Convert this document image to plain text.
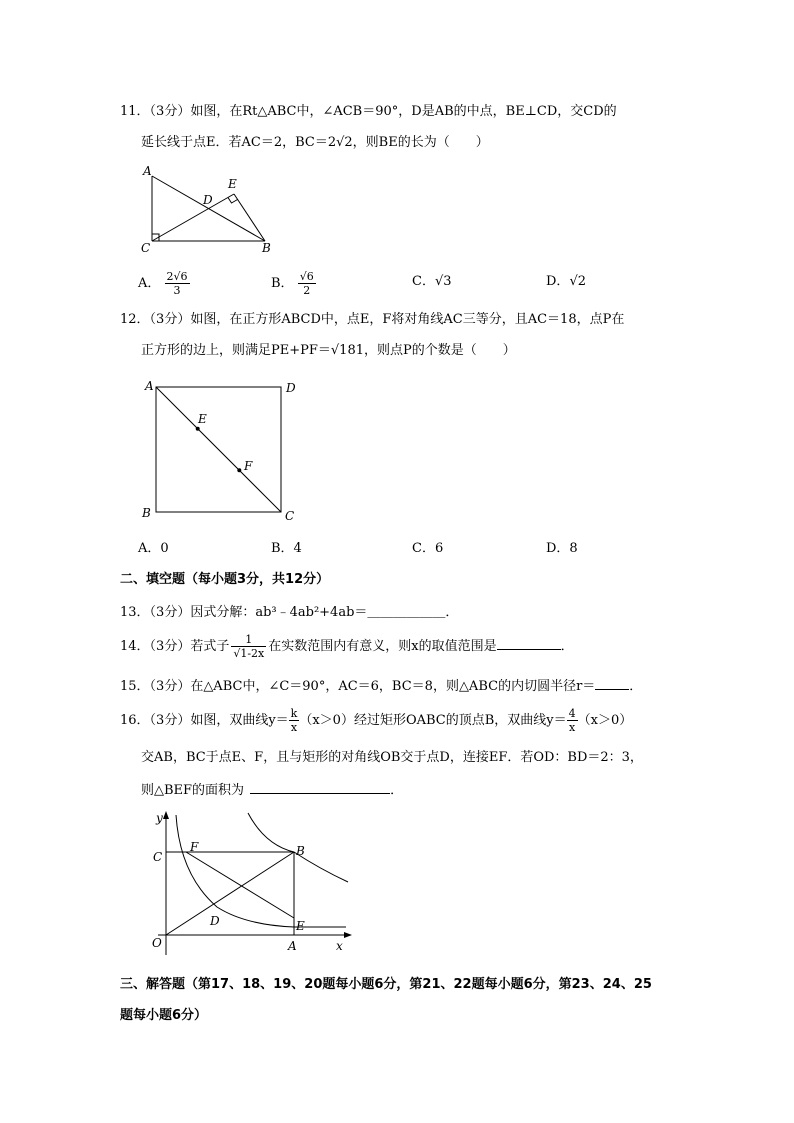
11．（3分）如图，在Rt△ABC中，∠ACB＝90°，D是AB的中点，BE⊥CD，交CD的
延长线于点E．若AC＝2，BC＝2√2，则BE的长为（　　）
A
E
D
C	B
A． $\frac{2√6}{3}$	B． $\frac{√6}{2}$	C．√3	D．√2
12．（3分）如图，在正方形ABCD中，点E，F将对角线AC三等分，且AC＝18，点P在
正方形的边上，则满足PE+PF＝√181，则点P的个数是（　　）
A	D
E
F
B	C
A．0	B．4	C．6	D．8
二、填空题（每小题3分，共12分）
13．（3分）因式分解：ab³﹣4ab²+4ab＝＿＿＿＿＿＿．
14．（3分）若式子 $\frac{1}{√1-2x}$ 在实数范围内有意义，则x的取值范围是	．
15．（3分）在△ABC中，∠C＝90°，AC＝6，BC＝8，则△ABC的内切圆半径r＝	．
16．（3分）如图，双曲线$y= \frac{k}{x} (x>0)$经过矩形OABC的顶点B，双曲线$y= \frac{4}{x} (x>0)$
交AB，BC于点E、F，且与矩形的对角线OB交于点D，连接EF．若OD：BD＝2：3，
则△BEF的面积为	．
y
C
F	B
D	E
O	A	x
三、解答题（第17、18、19、20题每小题6分，第21、22题每小题6分，第23、24、25
题每小题6分）
